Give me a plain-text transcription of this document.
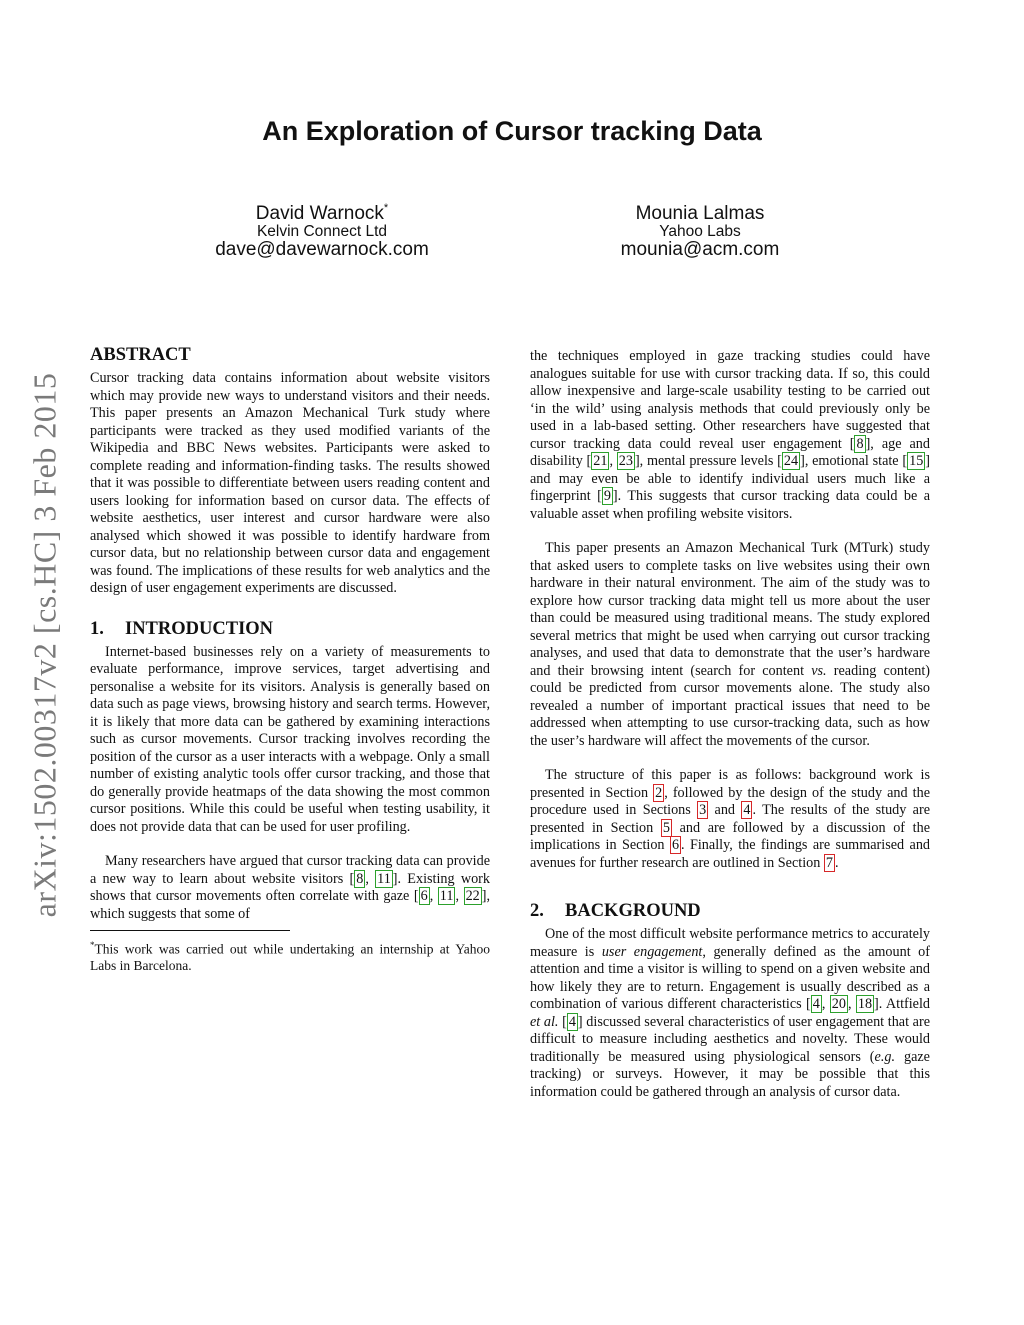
An Exploration of Cursor tracking Data
David Warnock*
Kelvin Connect Ltd
dave@davewarnock.com
Mounia Lalmas
Yahoo Labs
mounia@acm.com
arXiv:1502.00317v2 [cs.HC] 3 Feb 2015
ABSTRACT

Cursor tracking data contains information about website visitors which may provide new ways to understand visitors and their needs. This paper presents an Amazon Mechanical Turk study where participants were tracked as they used modified variants of the Wikipedia and BBC News websites. Participants were asked to complete reading and information-finding tasks. The results showed that it was possible to differentiate between users reading content and users looking for information based on cursor data. The effects of website aesthetics, user interest and cursor hardware were also analysed which showed it was possible to identify hardware from cursor data, but no relationship between cursor data and engagement was found. The implications of these results for web analytics and the design of user engagement experiments are discussed.

1. INTRODUCTION

Internet-based businesses rely on a variety of measurements to evaluate performance, improve services, target advertising and personalise a website for its visitors. Analysis is generally based on data such as page views, browsing history and search terms. However, it is likely that more data can be gathered by examining interactions such as cursor movements. Cursor tracking involves recording the position of the cursor as a user interacts with a webpage. Only a small number of existing analytic tools offer cursor tracking, and those that do generally provide heatmaps of the data showing the most common cursor positions. While this could be useful when testing usability, it does not provide data that can be used for user profiling.

Many researchers have argued that cursor tracking data can provide a new way to learn about website visitors [ 8 , 11 ]. Existing work shows that cursor movements often correlate with gaze [ 6 , 11 , 22 ], which suggests that some of

*This work was carried out while undertaking an internship at Yahoo Labs in Barcelona.

the techniques employed in gaze tracking studies could have analogues suitable for use with cursor tracking data. If so, this could allow inexpensive and large-scale usability testing to be carried out ‘in the wild’ using analysis methods that could previously only be used in a lab-based setting. Other researchers have suggested that cursor tracking data could reveal user engagement [ 8 ], age and disability [ 21 , 23 ], mental pressure levels [ 24 ], emotional state [ 15 ] and may even be able to identify individual users much like a fingerprint [ 9 ]. This suggests that cursor tracking data could be a valuable asset when profiling website visitors.

This paper presents an Amazon Mechanical Turk (MTurk) study that asked users to complete tasks on live websites using their own hardware in their natural environment. The aim of the study was to explore how cursor tracking data might tell us more about the user than could be measured using traditional means. The study explored several metrics that might be used when carrying out cursor tracking analyses, and used that data to demonstrate that the user’s hardware and their browsing intent (search for content vs. reading content) could be predicted from cursor movements alone. The study also revealed a number of important practical issues that need to be addressed when attempting to use cursor-tracking data, such as how the user’s hardware will affect the movements of the cursor.

The structure of this paper is as follows: background work is presented in Section 2 , followed by the design of the study and the procedure used in Sections 3 and 4 . The results of the study are presented in Section 5 and are followed by a discussion of the implications in Section 6 . Finally, the findings are summarised and avenues for further research are outlined in Section 7 .

2. BACKGROUND

One of the most difficult website performance metrics to accurately measure is user engagement, generally defined as the amount of attention and time a visitor is willing to spend on a given website and how likely they are to return. Engagement is usually described as a combination of various different characteristics [ 4 , 20 , 18 ]. Attfield et al. [ 4 ] discussed several characteristics of user engagement that are difficult to measure including aesthetics and novelty. These would traditionally be measured using physiological sensors (e.g. gaze tracking) or surveys. However, it may be possible that this information could be gathered through an analysis of cursor data.
